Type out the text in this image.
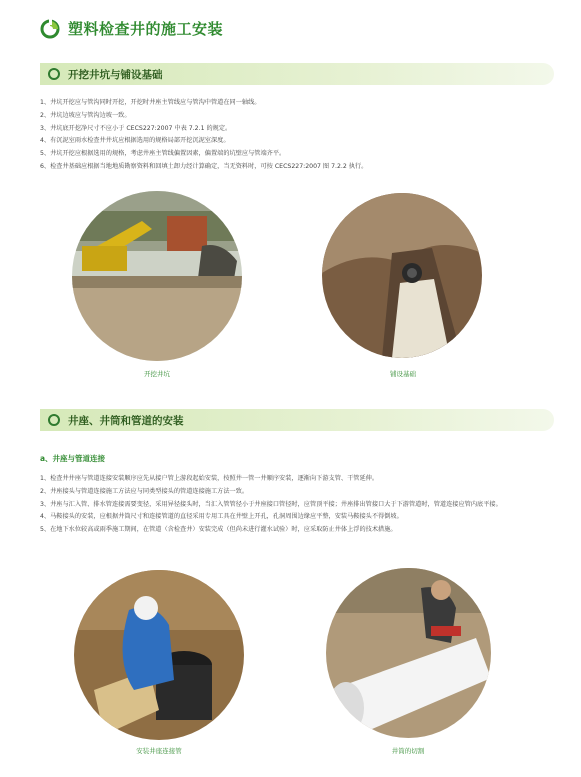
塑料检查井的施工安装
开挖井坑与铺设基础
1、井坑开挖应与管沟同时开挖，开挖时井座主管线应与管沟中管道在同一轴线。
2、井坑边坡应与管沟边坡一致。
3、井坑底开挖净尺寸不应小于 CECS227:2007 中表 7.2.1 的规定。
4、有沉泥室雨水检查井井坑应根据选用的规格局部开挖沉泥室深度。
5、井坑开挖应根据选用的规格，考虑井座主管线偏置因素，偏置端的坑壁应与管端齐平。
6、检查井基础应根据当地地质勘察资料和回填土卸力经计算确定，当无资料时，可按 CECS227:2007 图 7.2.2 执行。
开挖井坑	铺设基础
井座、井筒和管道的安装
a、井座与管道连接
1、检查井井座与管道连接安装顺序应先从接户管上游段起始安装，按照井一管一井顺序安装，逐渐向下游支管、干管延伸。
2、井座接头与管道连接施工方法应与同类型接头的管道连接施工方法一致。
3、井座与汇入管、排水管连接需要变径，采用异径接头时，当汇入管管径小于井座接口管径时，应管顶平接；井座排出管接口大于下游管道时，管道连接应管内底平接。
4、马鞍接头的安装，应根据井筒尺寸和连接管道的直径采用专用工具在井壁上开孔，孔洞周围边缘应平整，安装马鞍接头不得倒坡。
5、在地下水位较高或雨季施工期间，在管道（含检查井）安装完成（但尚未进行灌水试验）时，应采取防止井体上浮的技术措施。
安装井座连接管	井筒的切割
